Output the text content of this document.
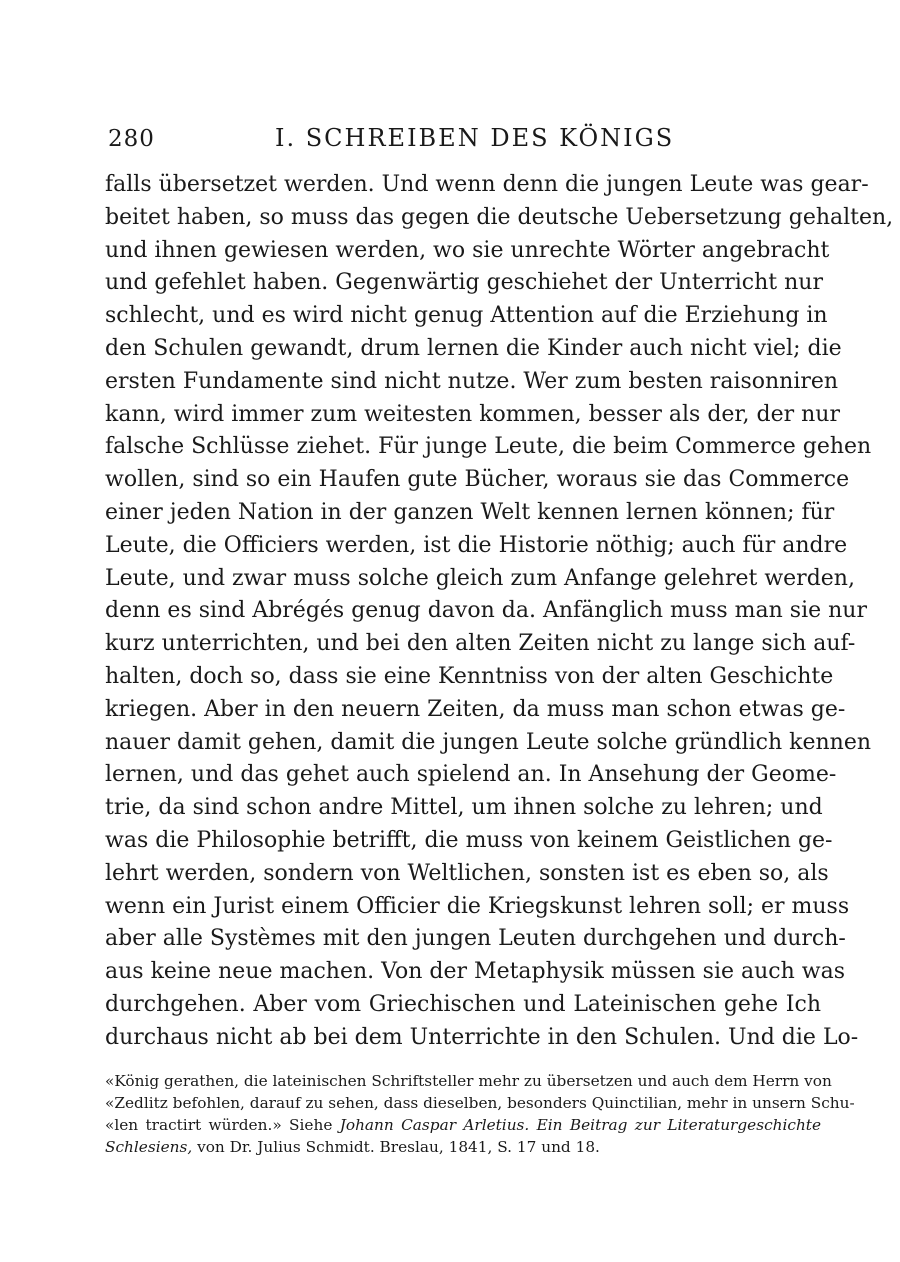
280	I. SCHREIBEN DES KÖNIGS
falls übersetzet werden. Und wenn denn die jungen Leute was gear-
beitet haben, so muss das gegen die deutsche Uebersetzung gehalten,
und ihnen gewiesen werden, wo sie unrechte Wörter angebracht
und gefehlet haben. Gegenwärtig geschiehet der Unterricht nur
schlecht, und es wird nicht genug Attention auf die Erziehung in
den Schulen gewandt, drum lernen die Kinder auch nicht viel; die
ersten Fundamente sind nicht nutze. Wer zum besten raisonniren
kann, wird immer zum weitesten kommen, besser als der, der nur
falsche Schlüsse ziehet. Für junge Leute, die beim Commerce gehen
wollen, sind so ein Haufen gute Bücher, woraus sie das Commerce
einer jeden Nation in der ganzen Welt kennen lernen können; für
Leute, die Officiers werden, ist die Historie nöthig; auch für andre
Leute, und zwar muss solche gleich zum Anfange gelehret werden,
denn es sind Abrégés genug davon da. Anfänglich muss man sie nur
kurz unterrichten, und bei den alten Zeiten nicht zu lange sich auf-
halten, doch so, dass sie eine Kenntniss von der alten Geschichte
kriegen. Aber in den neuern Zeiten, da muss man schon etwas ge-
nauer damit gehen, damit die jungen Leute solche gründlich kennen
lernen, und das gehet auch spielend an. In Ansehung der Geome-
trie, da sind schon andre Mittel, um ihnen solche zu lehren; und
was die Philosophie betrifft, die muss von keinem Geistlichen ge-
lehrt werden, sondern von Weltlichen, sonsten ist es eben so, als
wenn ein Jurist einem Officier die Kriegskunst lehren soll; er muss
aber alle Systèmes mit den jungen Leuten durchgehen und durch-
aus keine neue machen. Von der Metaphysik müssen sie auch was
durchgehen. Aber vom Griechischen und Lateinischen gehe Ich
durchaus nicht ab bei dem Unterrichte in den Schulen. Und die Lo-
«König gerathen, die lateinischen Schriftsteller mehr zu übersetzen und auch dem Herrn von
«Zedlitz befohlen, darauf zu sehen, dass dieselben, besonders Quinctilian, mehr in unsern Schu-
«len tractirt würden.» Siehe Johann Caspar Arletius. Ein Beitrag zur Literaturgeschichte
Schlesiens, von Dr. Julius Schmidt. Breslau, 1841, S. 17 und 18.
